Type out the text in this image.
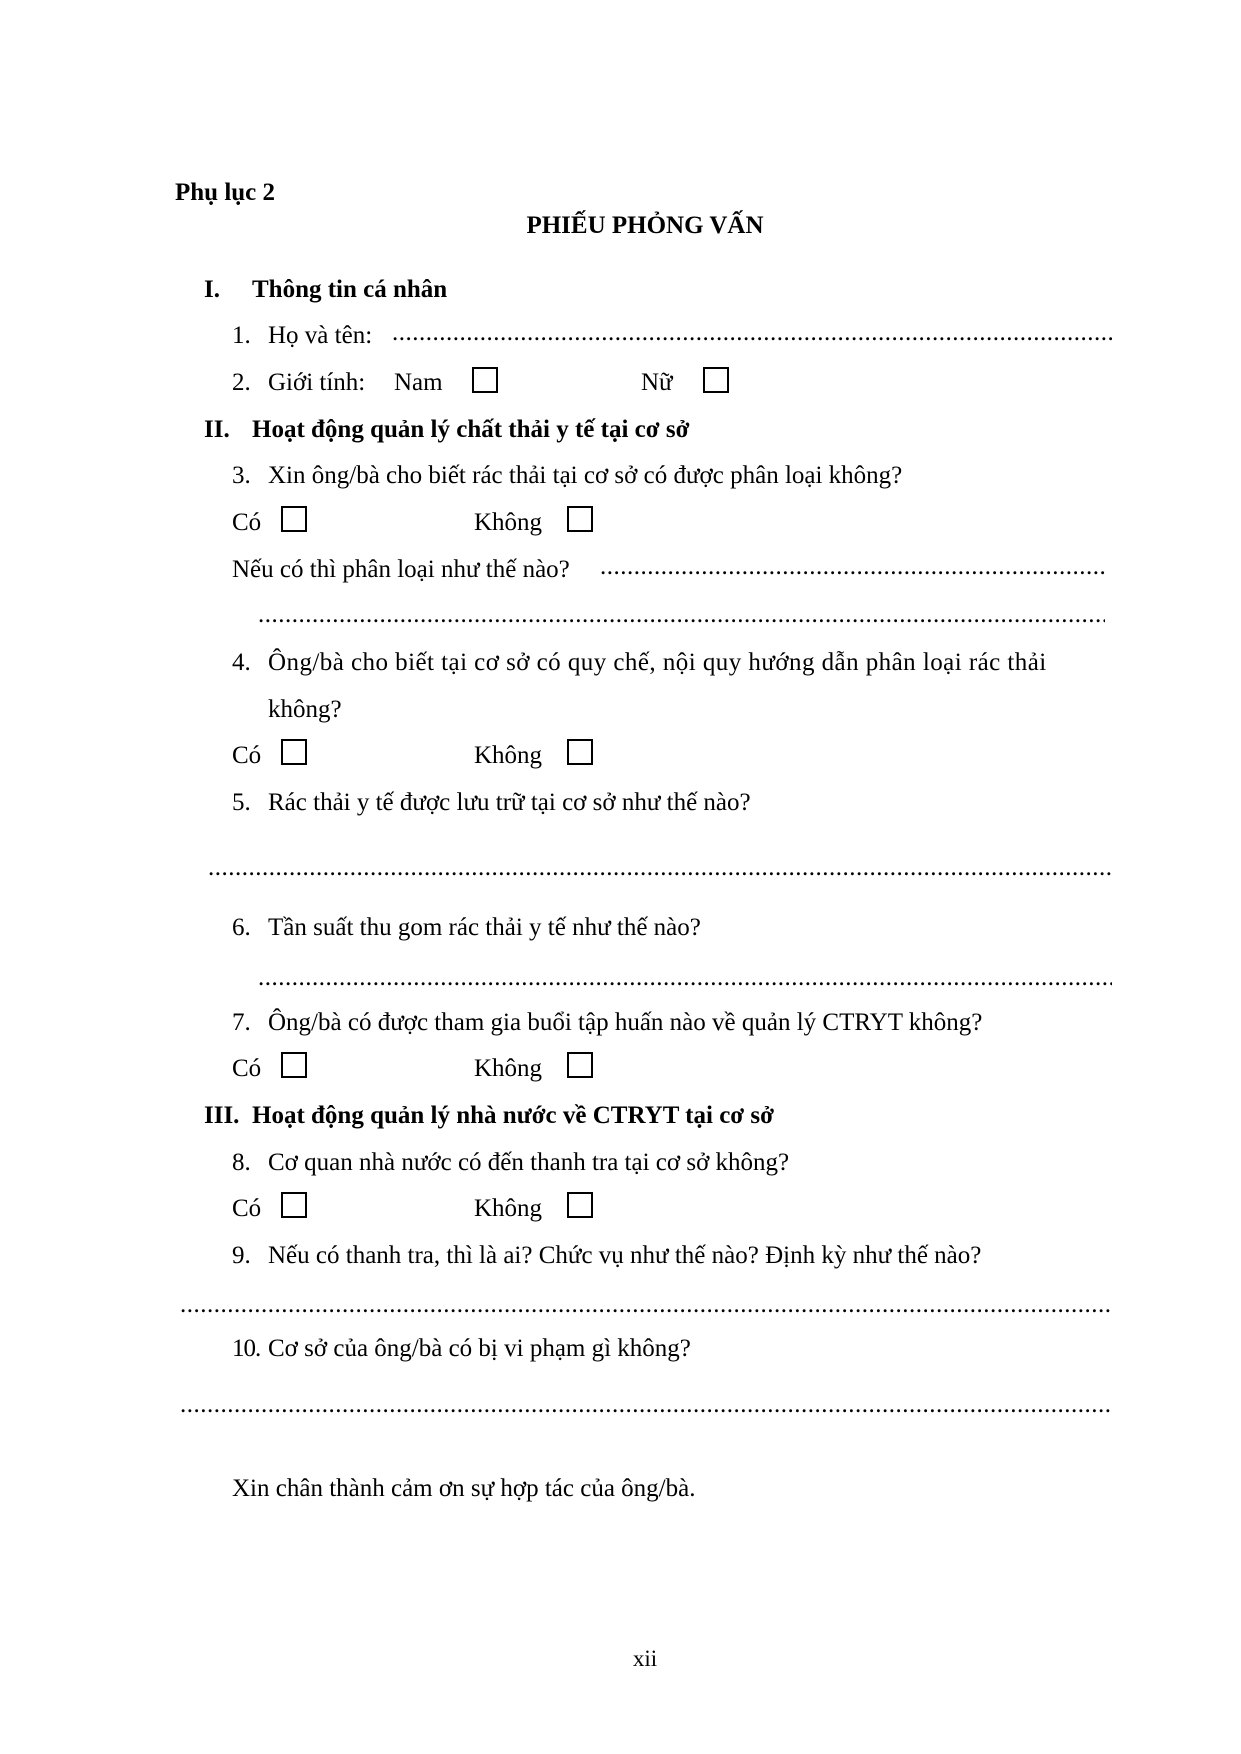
Phụ lục 2
PHIẾU PHỎNG VẤN
I. Thông tin cá nhân
1. Họ và tên:
.....
2. Giới tính: Nam	Nữ
II. Hoạt động quản lý chất thải y tế tại cơ sở
3. Xin ông/bà cho biết rác thải tại cơ sở có được phân loại không?
Có	Không
Nếu có thì phân loại như thế nào?
.....
.....
4. Ông/bà cho biết tại cơ sở có quy chế, nội quy hướng dẫn phân loại rác thải
không?
Có	Không
5. Rác thải y tế được lưu trữ tại cơ sở như thế nào?
.....
6. Tần suất thu gom rác thải y tế như thế nào?
.....
7. Ông/bà có được tham gia buổi tập huấn nào về quản lý CTRYT không?
Có	Không
III. Hoạt động quản lý nhà nước về CTRYT tại cơ sở
8. Cơ quan nhà nước có đến thanh tra tại cơ sở không?
Có	Không
9. Nếu có thanh tra, thì là ai? Chức vụ như thế nào? Định kỳ như thế nào?
.....
10. Cơ sở của ông/bà có bị vi phạm gì không?
.....
Xin chân thành cảm ơn sự hợp tác của ông/bà.
xii
